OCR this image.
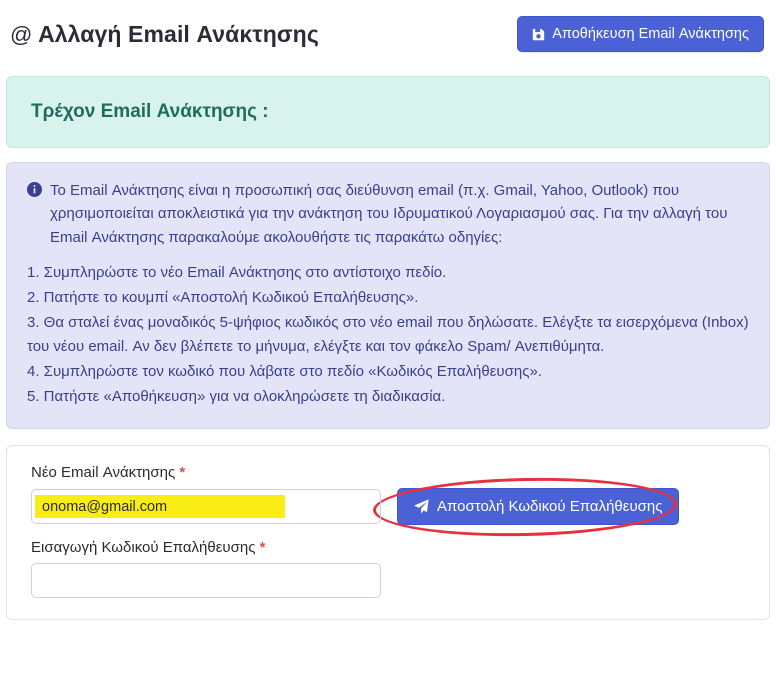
@ Αλλαγή Email Ανάκτησης	Αποθήκευση Email Ανάκτησης
Τρέχον Email Ανάκτησης :
Το Email Ανάκτησης είναι η προσωπική σας διεύθυνση email (π.χ. Gmail, Yahoo, Outlook) που χρησιμοποιείται αποκλειστικά για την ανάκτηση του Ιδρυματικού Λογαριασμού σας. Για την αλλαγή του Email Ανάκτησης παρακαλούμε ακολουθήστε τις παρακάτω οδηγίες:

1. Συμπληρώστε το νέο Email Ανάκτησης στο αντίστοιχο πεδίο.

2. Πατήστε το κουμπί «Αποστολή Κωδικού Επαλήθευσης».

3. Θα σταλεί ένας μοναδικός 5-ψήφιος κωδικός στο νέο email που δηλώσατε. Ελέγξτε τα εισερχόμενα (Inbox) του νέου email. Αν δεν βλέπετε το μήνυμα, ελέγξτε και τον φάκελο Spam/ Ανεπιθύμητα.

4. Συμπληρώστε τον κωδικό που λάβατε στο πεδίο «Κωδικός Επαλήθευσης».

5. Πατήστε «Αποθήκευση» για να ολοκληρώσετε τη διαδικασία.

Νέο Email Ανάκτησης *
onoma@gmail.com
Αποστολή Κωδικού Επαλήθευσης
Εισαγωγή Κωδικού Επαλήθευσης *
